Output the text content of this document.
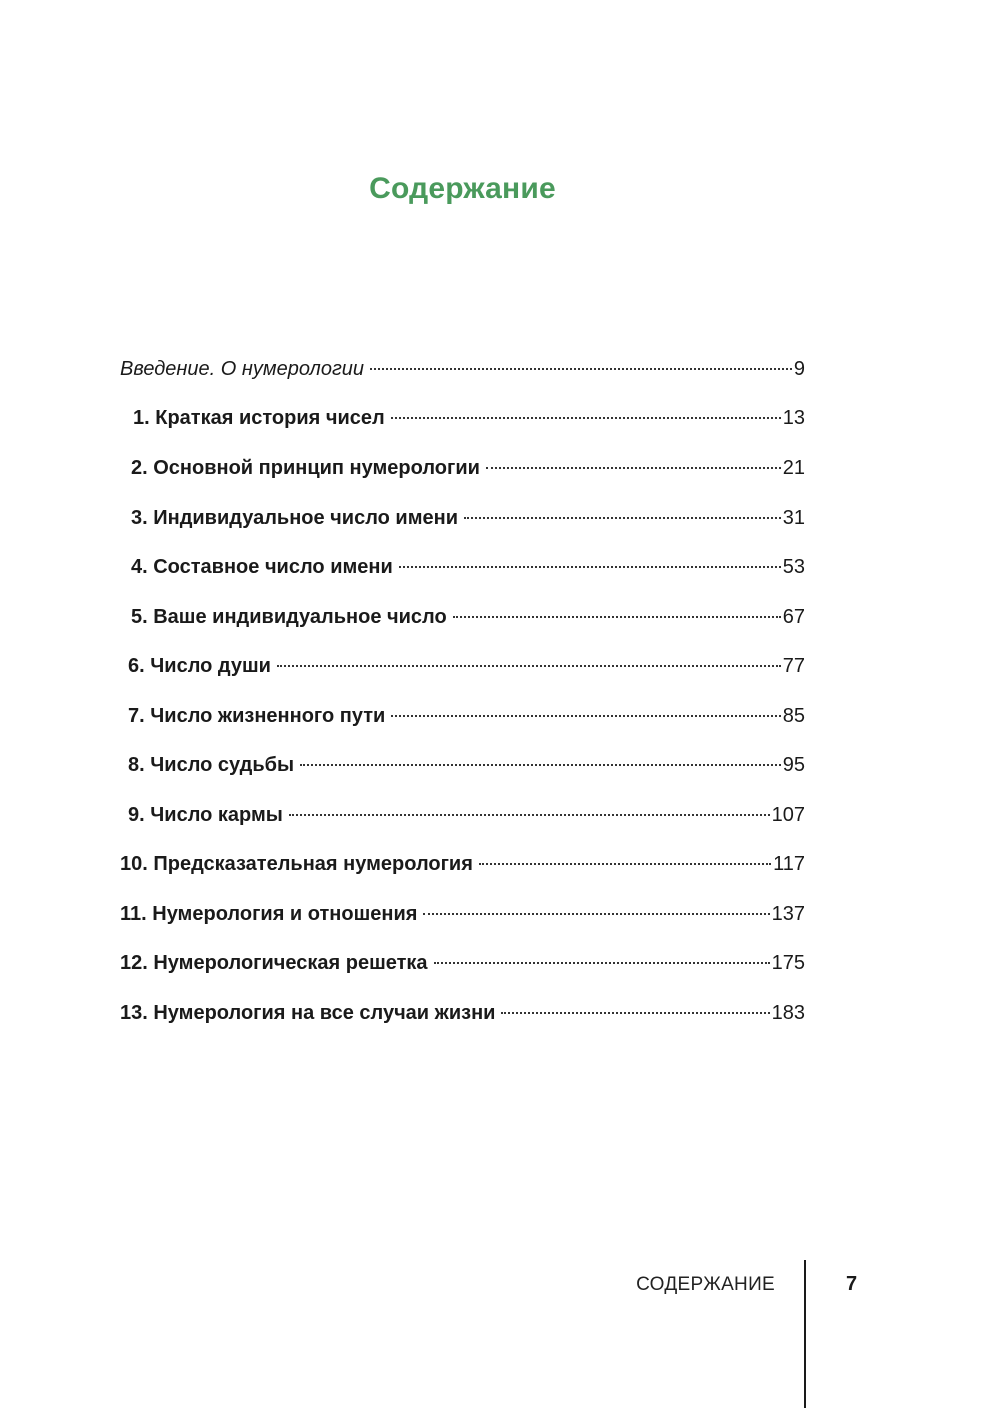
Содержание
Введение. О нумерологии	9
1. Краткая история чисел	13
2. Основной принцип нумерологии	21
3. Индивидуальное число имени	31
4. Составное число имени	53
5. Ваше индивидуальное число	67
6. Число души	77
7. Число жизненного пути	85
8. Число судьбы	95
9. Число кармы	107
10. Предсказательная нумерология	117
11. Нумерология и отношения	137
12. Нумерологическая решетка	175
13. Нумерология на все случаи жизни	183
СОДЕРЖАНИЕ	7
